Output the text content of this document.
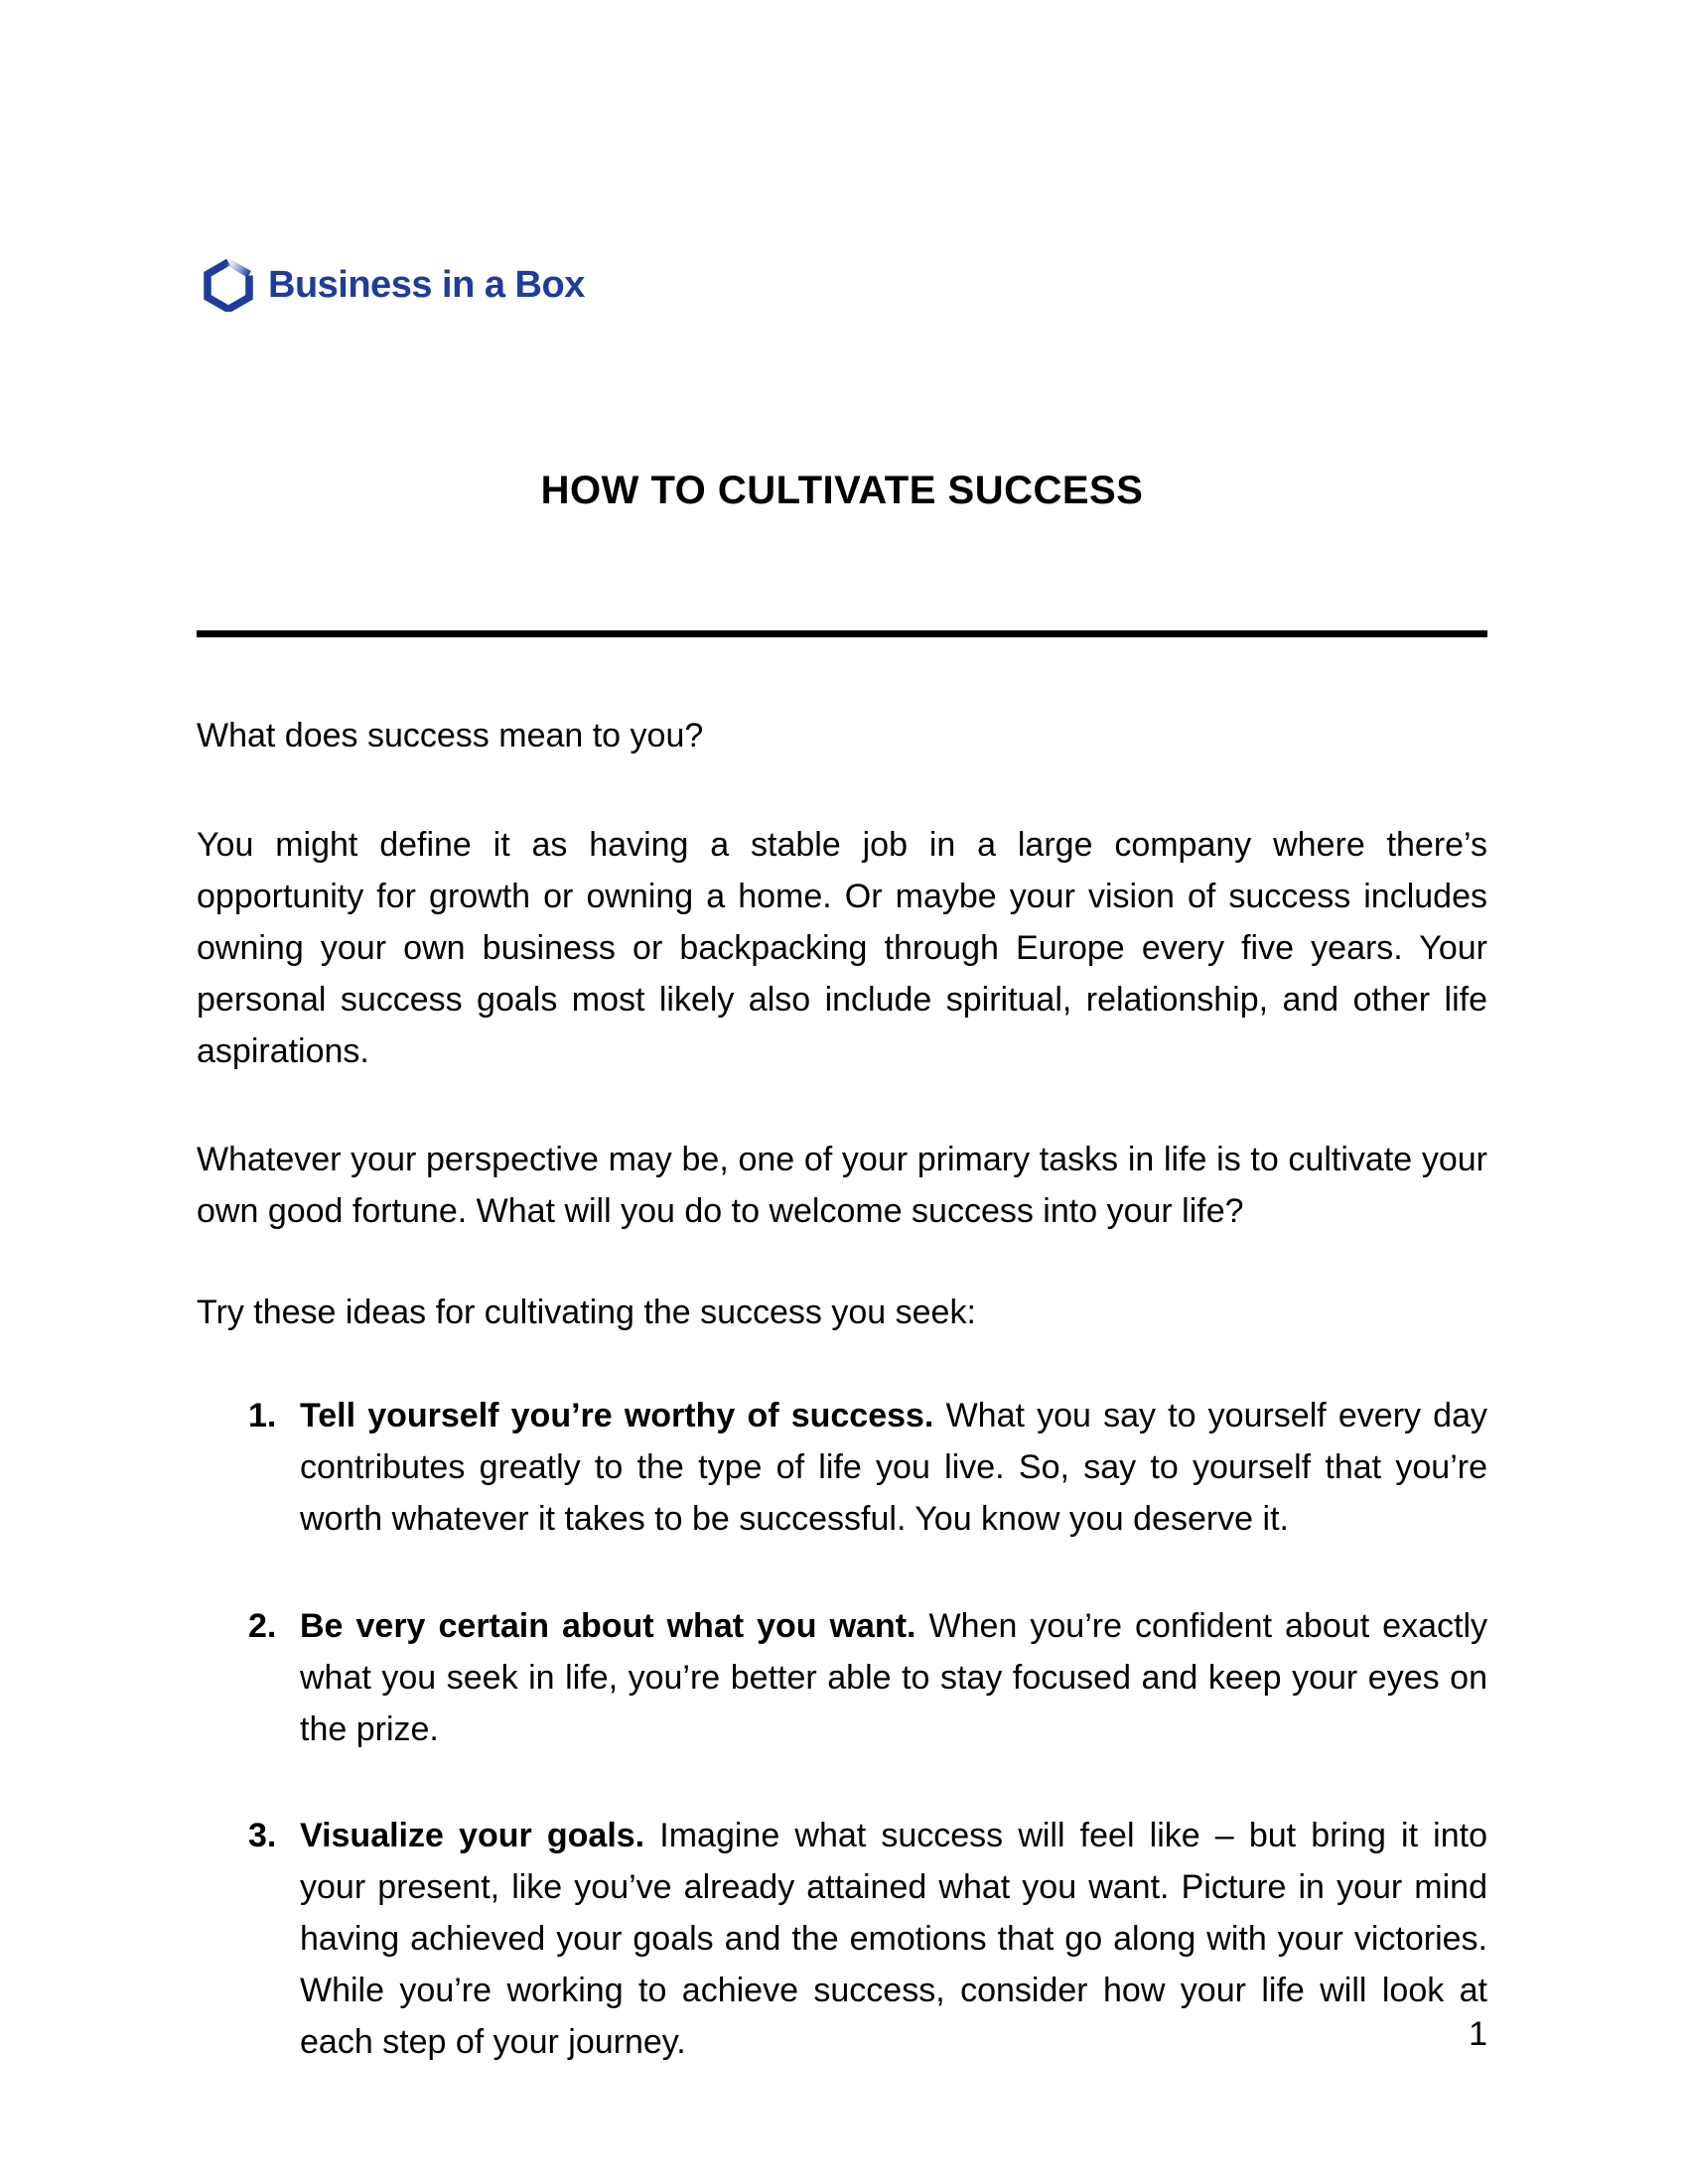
Business in a Box
HOW TO CULTIVATE SUCCESS

What does success mean to you?

You might define it as having a stable job in a large company where there’s opportunity for growth or owning a home. Or maybe your vision of success includes owning your own business or backpacking through Europe every five years. Your personal success goals most likely also include spiritual, relationship, and other life aspirations.

Whatever your perspective may be, one of your primary tasks in life is to cultivate your own good fortune. What will you do to welcome success into your life?

Try these ideas for cultivating the success you seek:

1. Tell yourself you’re worthy of success. What you say to yourself every day contributes greatly to the type of life you live. So, say to yourself that you’re worth whatever it takes to be successful. You know you deserve it.
2. Be very certain about what you want. When you’re confident about exactly what you seek in life, you’re better able to stay focused and keep your eyes on the prize.
3. Visualize your goals. Imagine what success will feel like – but bring it into your present, like you’ve already attained what you want. Picture in your mind having achieved your goals and the emotions that go along with your victories. While you’re working to achieve success, consider how your life will look at each step of your journey.	1
